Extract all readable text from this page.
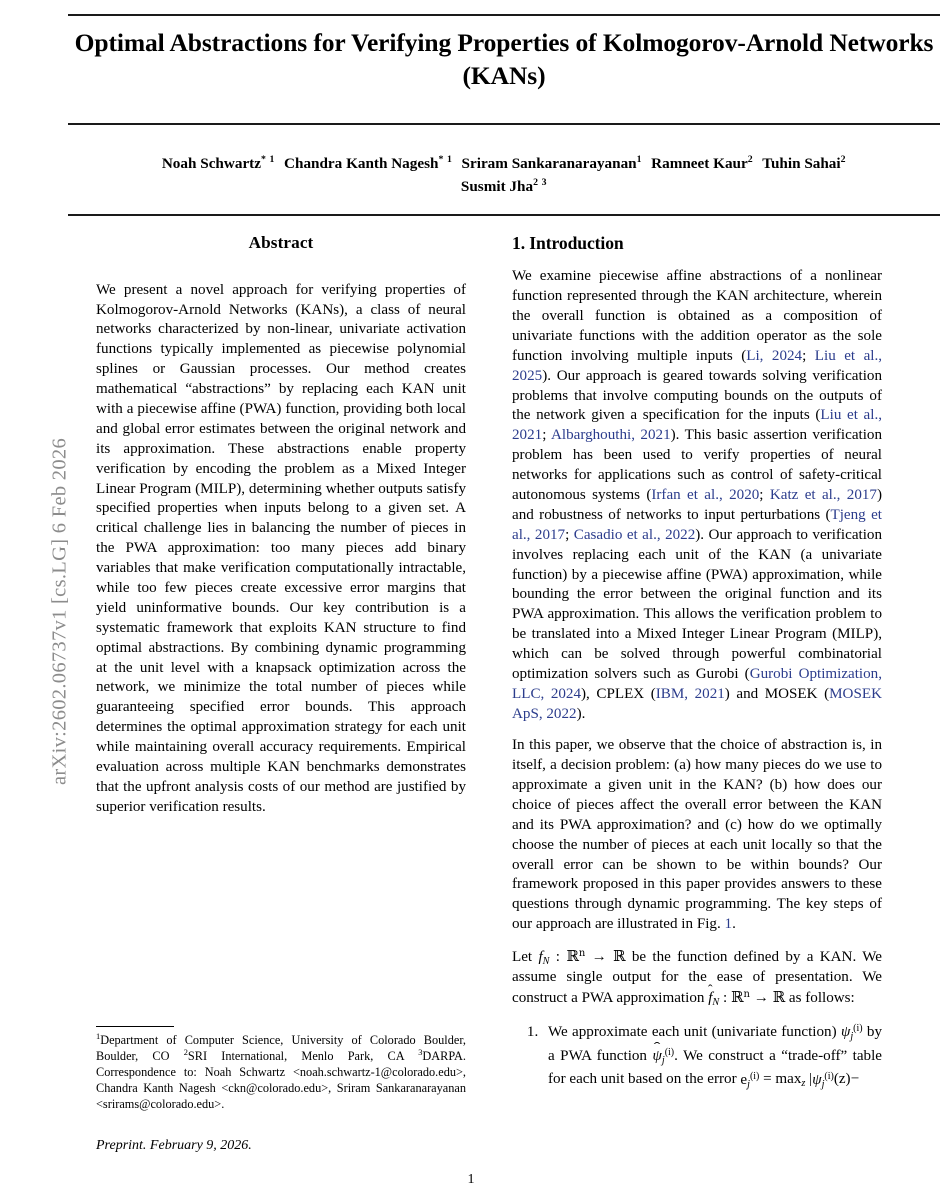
arXiv:2602.06737v1 [cs.LG] 6 Feb 2026
Optimal Abstractions for Verifying Properties of Kolmogorov-Arnold Networks (KANs)
Noah Schwartz$^{* 1}$ Chandra Kanth Nagesh$^{* 1}$ Sriram Sankaranarayanan$^1$ Ramneet Kaur$^2$ Tuhin Sahai$^2$
Susmit Jha$^{2 3}$
Abstract

We present a novel approach for verifying properties of Kolmogorov-Arnold Networks (KANs), a class of neural networks characterized by non-linear, univariate activation functions typically implemented as piecewise polynomial splines or Gaussian processes. Our method creates mathematical “abstractions” by replacing each KAN unit with a piecewise affine (PWA) function, providing both local and global error estimates between the original network and its approximation. These abstractions enable property verification by encoding the problem as a Mixed Integer Linear Program (MILP), determining whether outputs satisfy specified properties when inputs belong to a given set. A critical challenge lies in balancing the number of pieces in the PWA approximation: too many pieces add binary variables that make verification computationally intractable, while too few pieces create excessive error margins that yield uninformative bounds. Our key contribution is a systematic framework that exploits KAN structure to find optimal abstractions. By combining dynamic programming at the unit level with a knapsack optimization across the network, we minimize the total number of pieces while guaranteeing specified error bounds. This approach determines the optimal approximation strategy for each unit while maintaining overall accuracy requirements. Empirical evaluation across multiple KAN benchmarks demonstrates that the upfront analysis costs of our method are justified by superior verification results.

1. Introduction

We examine piecewise affine abstractions of a nonlinear function represented through the KAN architecture, wherein the overall function is obtained as a composition of univariate functions with the addition operator as the sole function involving multiple inputs (Li, 2024; Liu et al., 2025). Our approach is geared towards solving verification problems that involve computing bounds on the outputs of the network given a specification for the inputs (Liu et al., 2021; Albarghouthi, 2021). This basic assertion verification problem has been used to verify properties of neural networks for applications such as control of safety-critical autonomous systems (Irfan et al., 2020; Katz et al., 2017) and robustness of networks to input perturbations (Tjeng et al., 2017; Casadio et al., 2022). Our approach to verification involves replacing each unit of the KAN (a univariate function) by a piecewise affine (PWA) approximation, while bounding the error between the original function and its PWA approximation. This allows the verification problem to be translated into a Mixed Integer Linear Program (MILP), which can be solved through powerful combinatorial optimization solvers such as Gurobi (Gurobi Optimization, LLC, 2024), CPLEX (IBM, 2021) and MOSEK (MOSEK ApS, 2022).

In this paper, we observe that the choice of abstraction is, in itself, a decision problem: (a) how many pieces do we use to approximate a given unit in the KAN? (b) how does our choice of pieces affect the overall error between the KAN and its PWA approximation? and (c) how do we optimally choose the number of pieces at each unit locally so that the overall error can be shown to be within bounds? Our framework proposed in this paper provides answers to these questions through dynamic programming. The key steps of our approach are illustrated in Fig. 1.

Let $f_N$ : ℝ$^n$ → ℝ be the function defined by a KAN. We assume single output for the ease of presentation. We construct a PWA approximation
$f_N$ : ℝ$^n$ → ℝ as follows:

1. We approximate each unit (univariate function) $\psi_j^{(i)}$ by a PWA function
$\psi_j^{(i)}$. We construct a “trade-off” table for each unit based on the error $e_j^{(i)} = \max_z |\psi_j^{(i)}(z)-$
$^1$Department of Computer Science, University of Colorado Boulder, Boulder, CO $^2$SRI International, Menlo Park, CA $^3$DARPA. Correspondence to: Noah Schwartz <noah.schwartz-1@colorado.edu>, Chandra Kanth Nagesh <ckn@colorado.edu>, Sriram Sankaranarayanan <srirams@colorado.edu>.
Preprint. February 9, 2026.
1
